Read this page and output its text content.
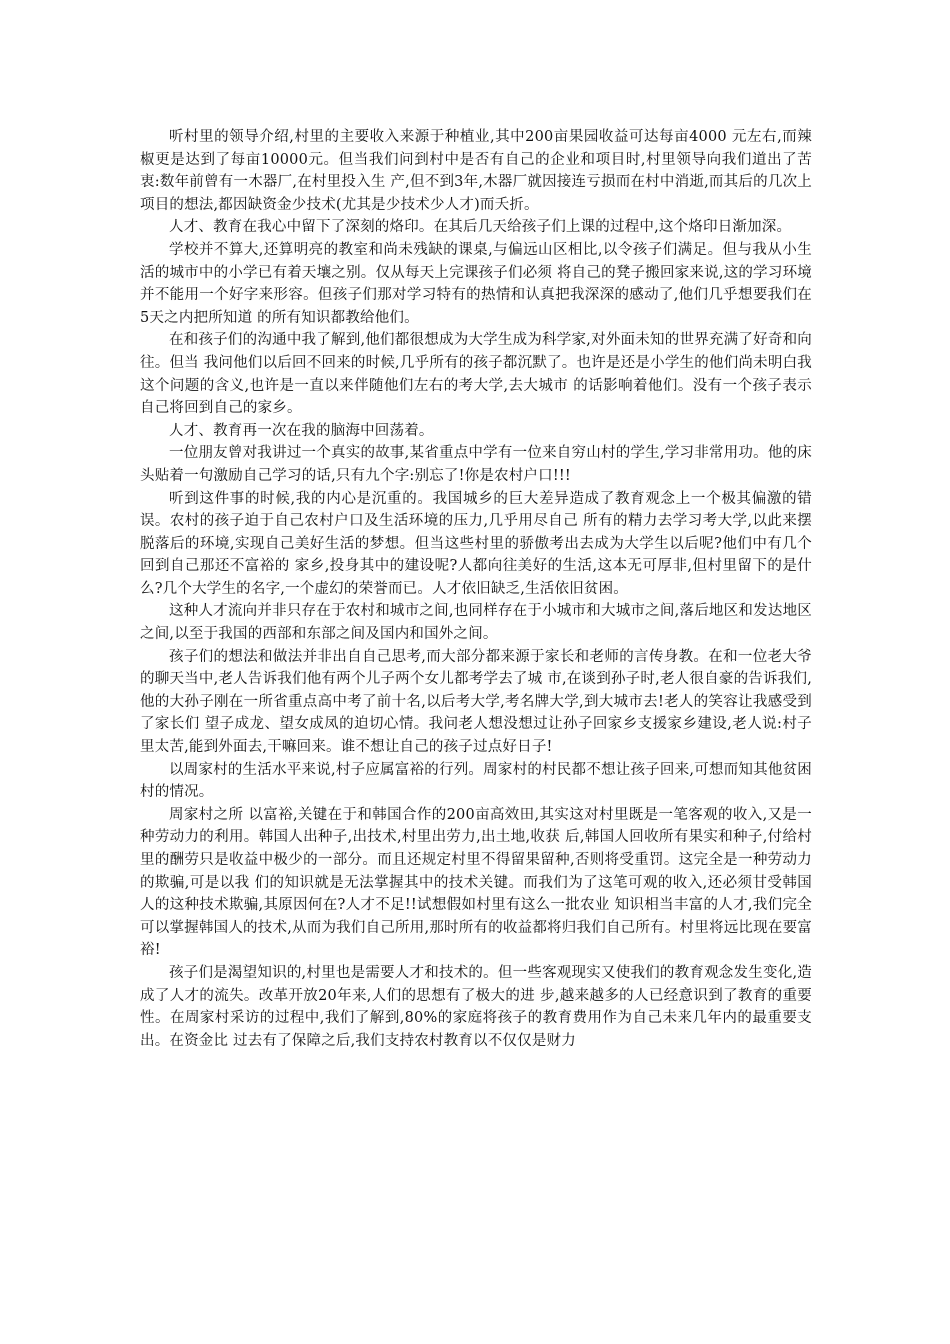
听村里的领导介绍,村里的主要收入来源于种植业,其中200亩果园收益可达每亩4000 元左右,而辣椒更是达到了每亩10000元。但当我们问到村中是否有自己的企业和项目时,村里领导向我们道出了苦衷:数年前曾有一木器厂,在村里投入生 产,但不到3年,木器厂就因接连亏损而在村中消逝,而其后的几次上项目的想法,都因缺资金少技术(尤其是少技术少人才)而夭折。

人才、教育在我心中留下了深刻的烙印。在其后几天给孩子们上课的过程中,这个烙印日渐加深。

学校并不算大,还算明亮的教室和尚未残缺的课桌,与偏远山区相比,以令孩子们满足。但与我从小生活的城市中的小学已有着天壤之别。仅从每天上完课孩子们必须 将自己的凳子搬回家来说,这的学习环境并不能用一个好字来形容。但孩子们那对学习特有的热情和认真把我深深的感动了,他们几乎想要我们在5天之内把所知道 的所有知识都教给他们。

在和孩子们的沟通中我了解到,他们都很想成为大学生成为科学家,对外面未知的世界充满了好奇和向往。但当 我问他们以后回不回来的时候,几乎所有的孩子都沉默了。也许是还是小学生的他们尚未明白我这个问题的含义,也许是一直以来伴随他们左右的考大学,去大城市 的话影响着他们。没有一个孩子表示自己将回到自己的家乡。

人才、教育再一次在我的脑海中回荡着。

一位朋友曾对我讲过一个真实的故事,某省重点中学有一位来自穷山村的学生,学习非常用功。他的床头贴着一句激励自己学习的话,只有九个字:别忘了!你是农村户口!!!

听到这件事的时候,我的内心是沉重的。我国城乡的巨大差异造成了教育观念上一个极其偏激的错误。农村的孩子迫于自己农村户口及生活环境的压力,几乎用尽自己 所有的精力去学习考大学,以此来摆脱落后的环境,实现自己美好生活的梦想。但当这些村里的骄傲考出去成为大学生以后呢?他们中有几个回到自己那还不富裕的 家乡,投身其中的建设呢?人都向往美好的生活,这本无可厚非,但村里留下的是什么?几个大学生的名字,一个虚幻的荣誉而已。人才依旧缺乏,生活依旧贫困。

这种人才流向并非只存在于农村和城市之间,也同样存在于小城市和大城市之间,落后地区和发达地区之间,以至于我国的西部和东部之间及国内和国外之间。

孩子们的想法和做法并非出自自己思考,而大部分都来源于家长和老师的言传身教。在和一位老大爷的聊天当中,老人告诉我们他有两个儿子两个女儿都考学去了城 市,在谈到孙子时,老人很自豪的告诉我们,他的大孙子刚在一所省重点高中考了前十名,以后考大学,考名牌大学,到大城市去!老人的笑容让我感受到了家长们 望子成龙、望女成凤的迫切心情。我问老人想没想过让孙子回家乡支援家乡建设,老人说:村子里太苦,能到外面去,干嘛回来。谁不想让自己的孩子过点好日子!

以周家村的生活水平来说,村子应属富裕的行列。周家村的村民都不想让孩子回来,可想而知其他贫困村的情况。

周家村之所 以富裕,关键在于和韩国合作的200亩高效田,其实这对村里既是一笔客观的收入,又是一种劳动力的利用。韩国人出种子,出技术,村里出劳力,出土地,收获 后,韩国人回收所有果实和种子,付给村里的酬劳只是收益中极少的一部分。而且还规定村里不得留果留种,否则将受重罚。这完全是一种劳动力的欺骗,可是以我 们的知识就是无法掌握其中的技术关键。而我们为了这笔可观的收入,还必须甘受韩国人的这种技术欺骗,其原因何在?人才不足!!试想假如村里有这么一批农业 知识相当丰富的人才,我们完全可以掌握韩国人的技术,从而为我们自己所用,那时所有的收益都将归我们自己所有。村里将远比现在要富裕!

孩子们是渴望知识的,村里也是需要人才和技术的。但一些客观现实又使我们的教育观念发生变化,造成了人才的流失。改革开放20年来,人们的思想有了极大的进 步,越来越多的人已经意识到了教育的重要性。在周家村采访的过程中,我们了解到,80%的家庭将孩子的教育费用作为自己未来几年内的最重要支出。在资金比 过去有了保障之后,我们支持农村教育以不仅仅是财力
